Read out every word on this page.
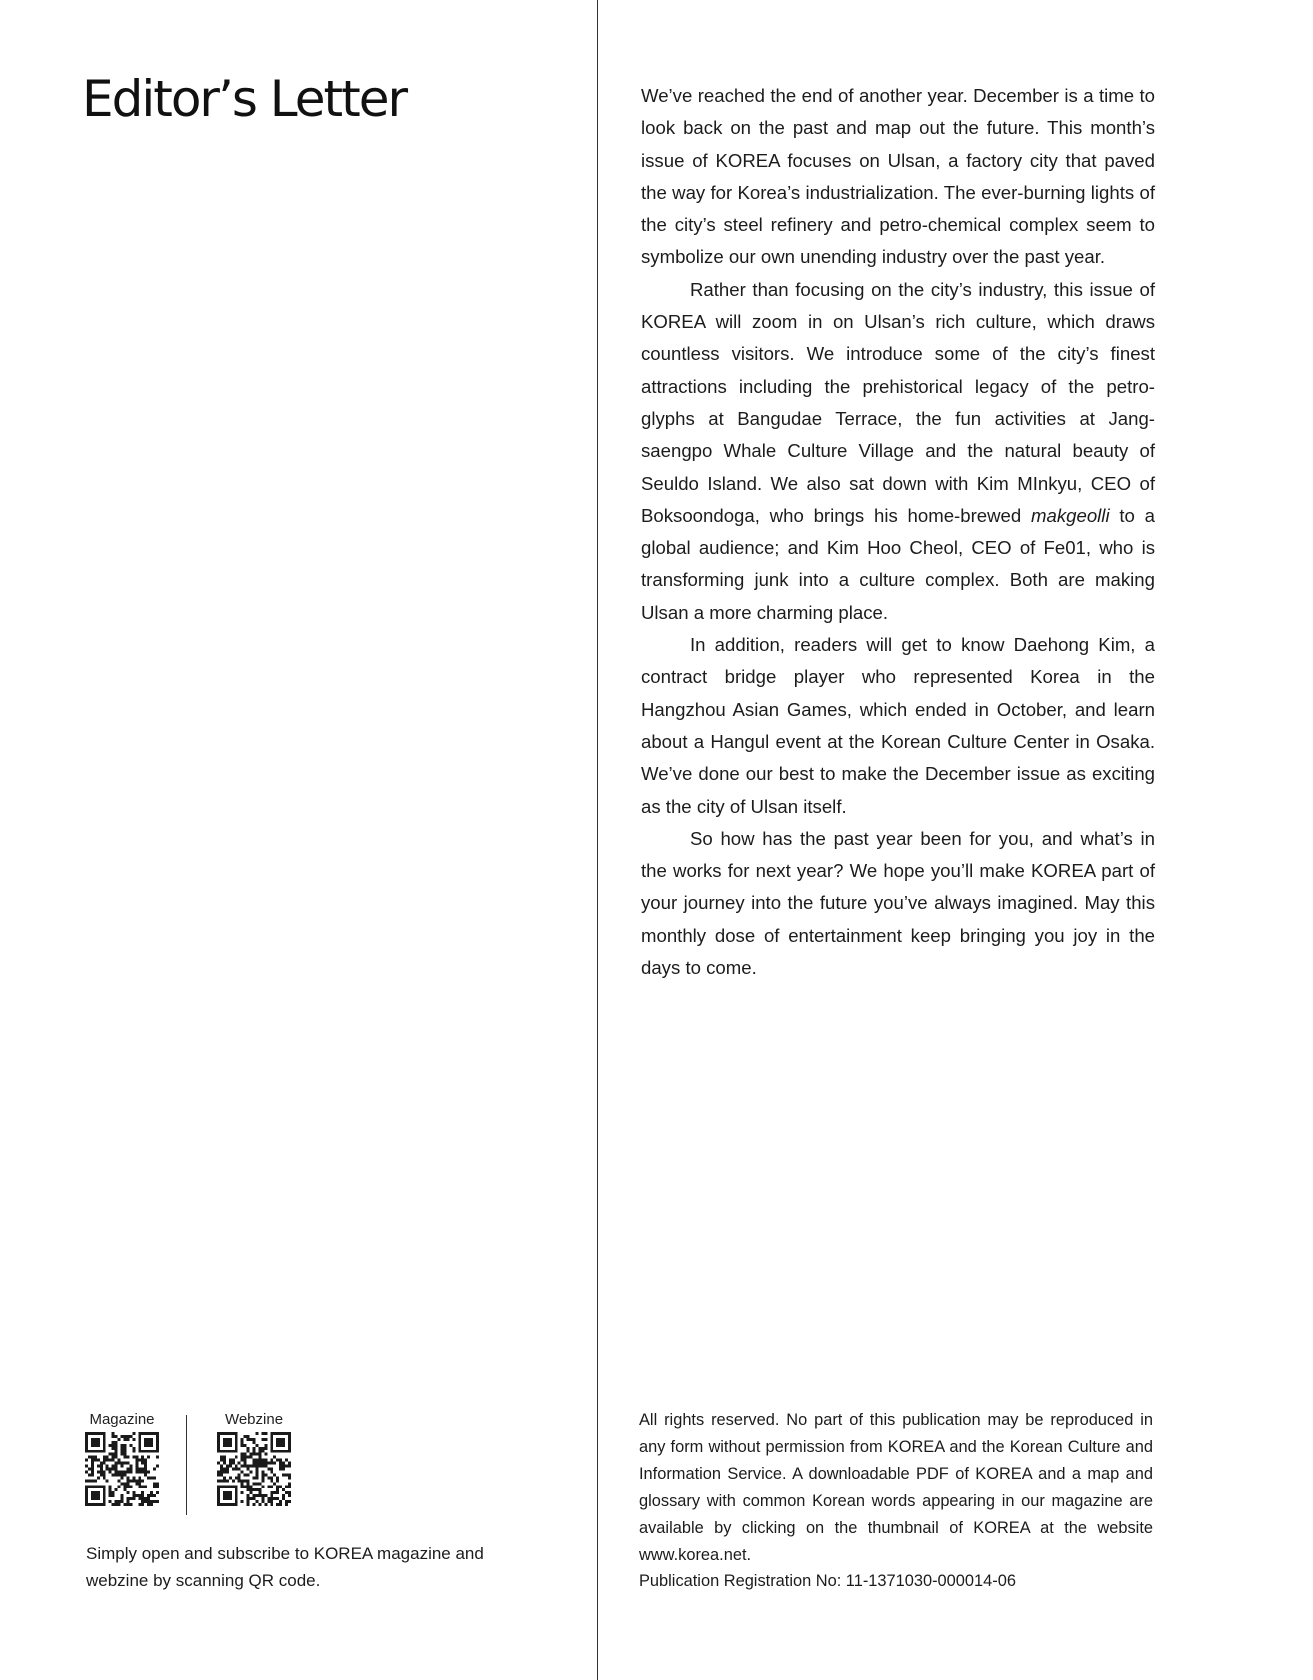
Editor’s Letter	We’ve reached the end of another year. December is a time to look back on the past and map out the future. This month’s issue of KOREA focuses on Ulsan, a factory city that paved the way for Korea’s industrialization. The ever-burning lights of the city’s steel refinery and petro-chemical complex seem to symbolize our own unending industry over the past year.

Rather than focusing on the city’s industry, this issue of KOREA will zoom in on Ulsan’s rich culture, which draws countless visitors. We introduce some of the city’s finest attractions including the prehistorical legacy of the petro-glyphs at Bangudae Terrace, the fun activities at Jang-saengpo Whale Culture Village and the natural beauty of Seuldo Island. We also sat down with Kim MInkyu, CEO of Boksoondoga, who brings his home-brewed makgeolli to a global audience; and Kim Hoo Cheol, CEO of Fe01, who is transforming junk into a culture complex. Both are making Ulsan a more charming place.

In addition, readers will get to know Daehong Kim, a contract bridge player who represented Korea in the Hangzhou Asian Games, which ended in October, and learn about a Hangul event at the Korean Culture Center in Osaka. We’ve done our best to make the December issue as exciting as the city of Ulsan itself.

So how has the past year been for you, and what’s in the works for next year? We hope you’ll make KOREA part of your journey into the future you’ve always imagined. May this monthly dose of entertainment keep bringing you joy in the days to come.

Magazine	Webzine
Simply open and subscribe to KOREA magazine and webzine by scanning QR code.

All rights reserved. No part of this publication may be reproduced in any form without permission from KOREA and the Korean Culture and Information Service. A downloadable PDF of KOREA and a map and glossary with common Korean words appearing in our magazine are available by clicking on the thumbnail of KOREA at the website www.korea.net.

Publication Registration No: 11-1371030-000014-06
